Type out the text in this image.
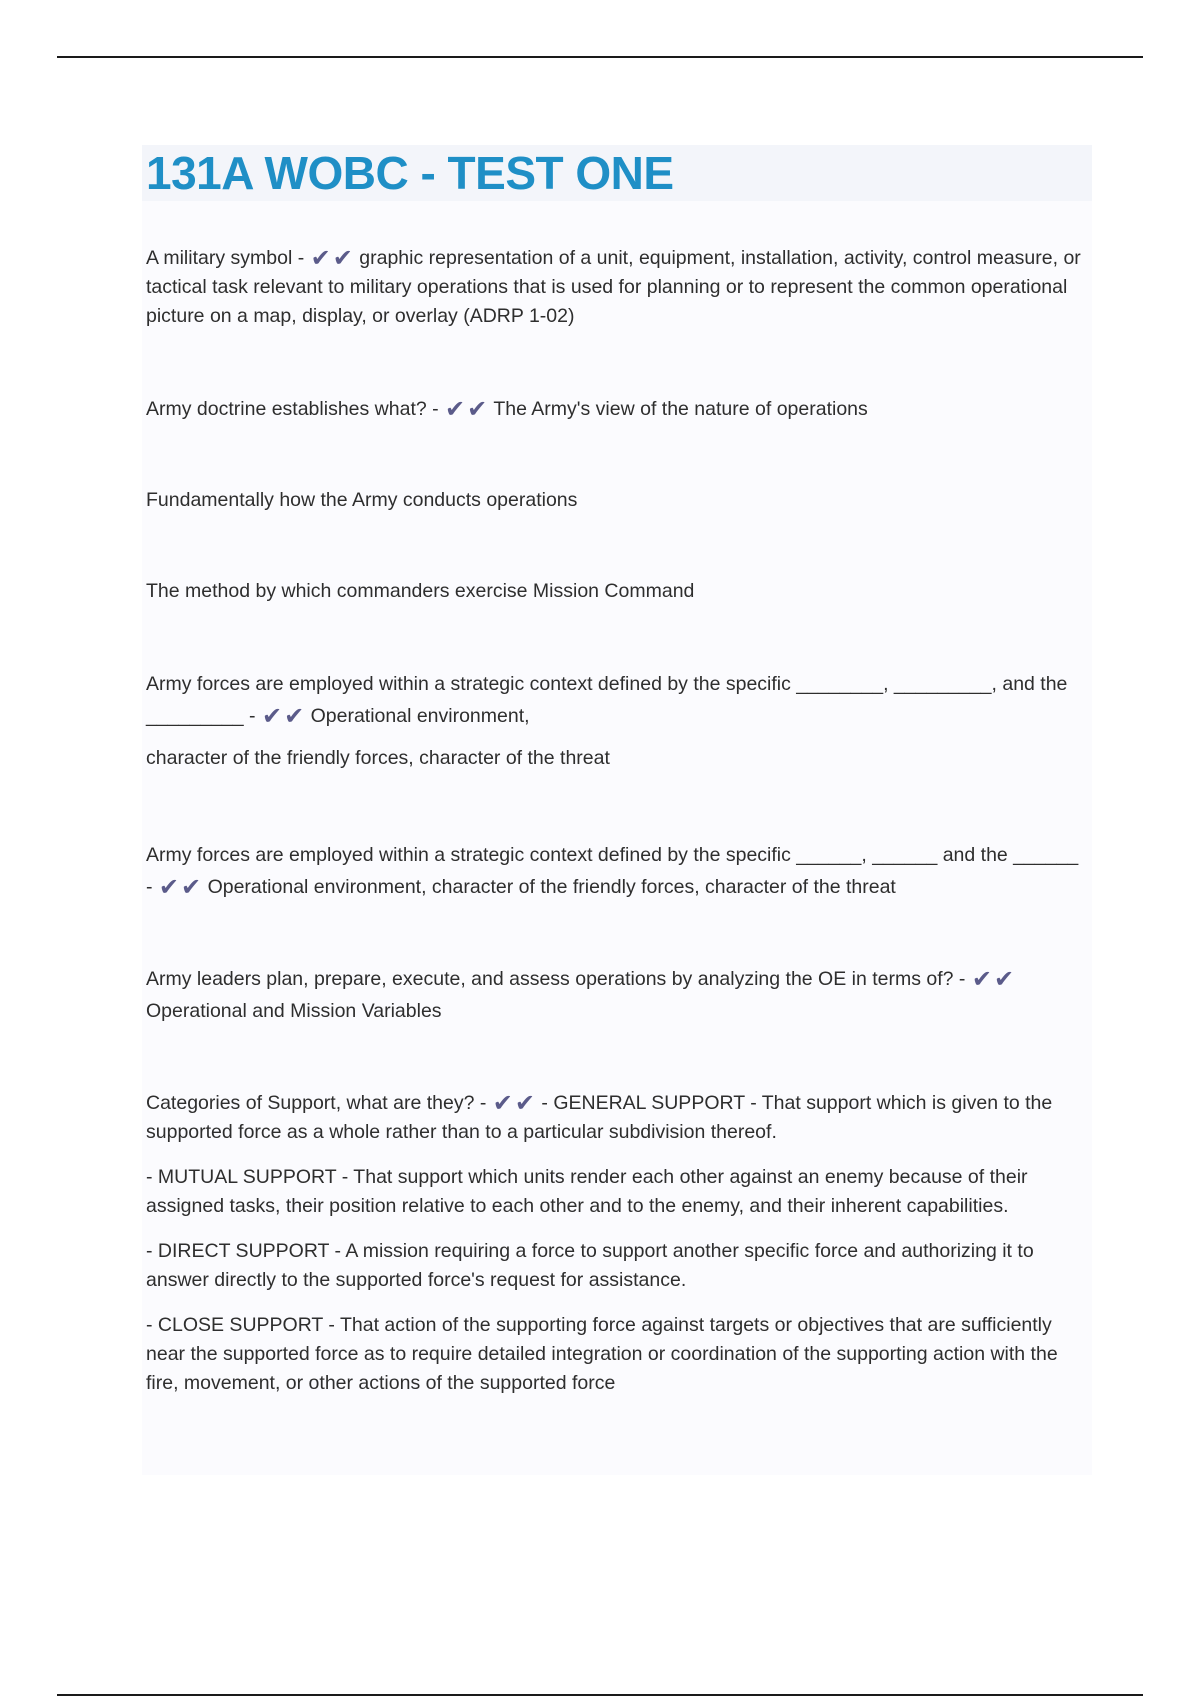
131A WOBC - TEST ONE

A military symbol - ✔✔ graphic representation of a unit, equipment, installation, activity, control measure, or tactical task relevant to military operations that is used for planning or to represent the common operational picture on a map, display, or overlay (ADRP 1-02)

Army doctrine establishes what? - ✔✔ The Army's view of the nature of operations

Fundamentally how the Army conducts operations

The method by which commanders exercise Mission Command

Army forces are employed within a strategic context defined by the specific ________, _________, and the _________ - ✔✔ Operational environment,

character of the friendly forces, character of the threat

Army forces are employed within a strategic context defined by the specific ______, ______ and the ______ - ✔✔ Operational environment, character of the friendly forces, character of the threat

Army leaders plan, prepare, execute, and assess operations by analyzing the OE in terms of? - ✔✔ Operational and Mission Variables

Categories of Support, what are they? - ✔✔ - GENERAL SUPPORT - That support which is given to the supported force as a whole rather than to a particular subdivision thereof.

- MUTUAL SUPPORT - That support which units render each other against an enemy because of their assigned tasks, their position relative to each other and to the enemy, and their inherent capabilities.

- DIRECT SUPPORT - A mission requiring a force to support another specific force and authorizing it to answer directly to the supported force's request for assistance.

- CLOSE SUPPORT - That action of the supporting force against targets or objectives that are sufficiently near the supported force as to require detailed integration or coordination of the supporting action with the fire, movement, or other actions of the supported force
